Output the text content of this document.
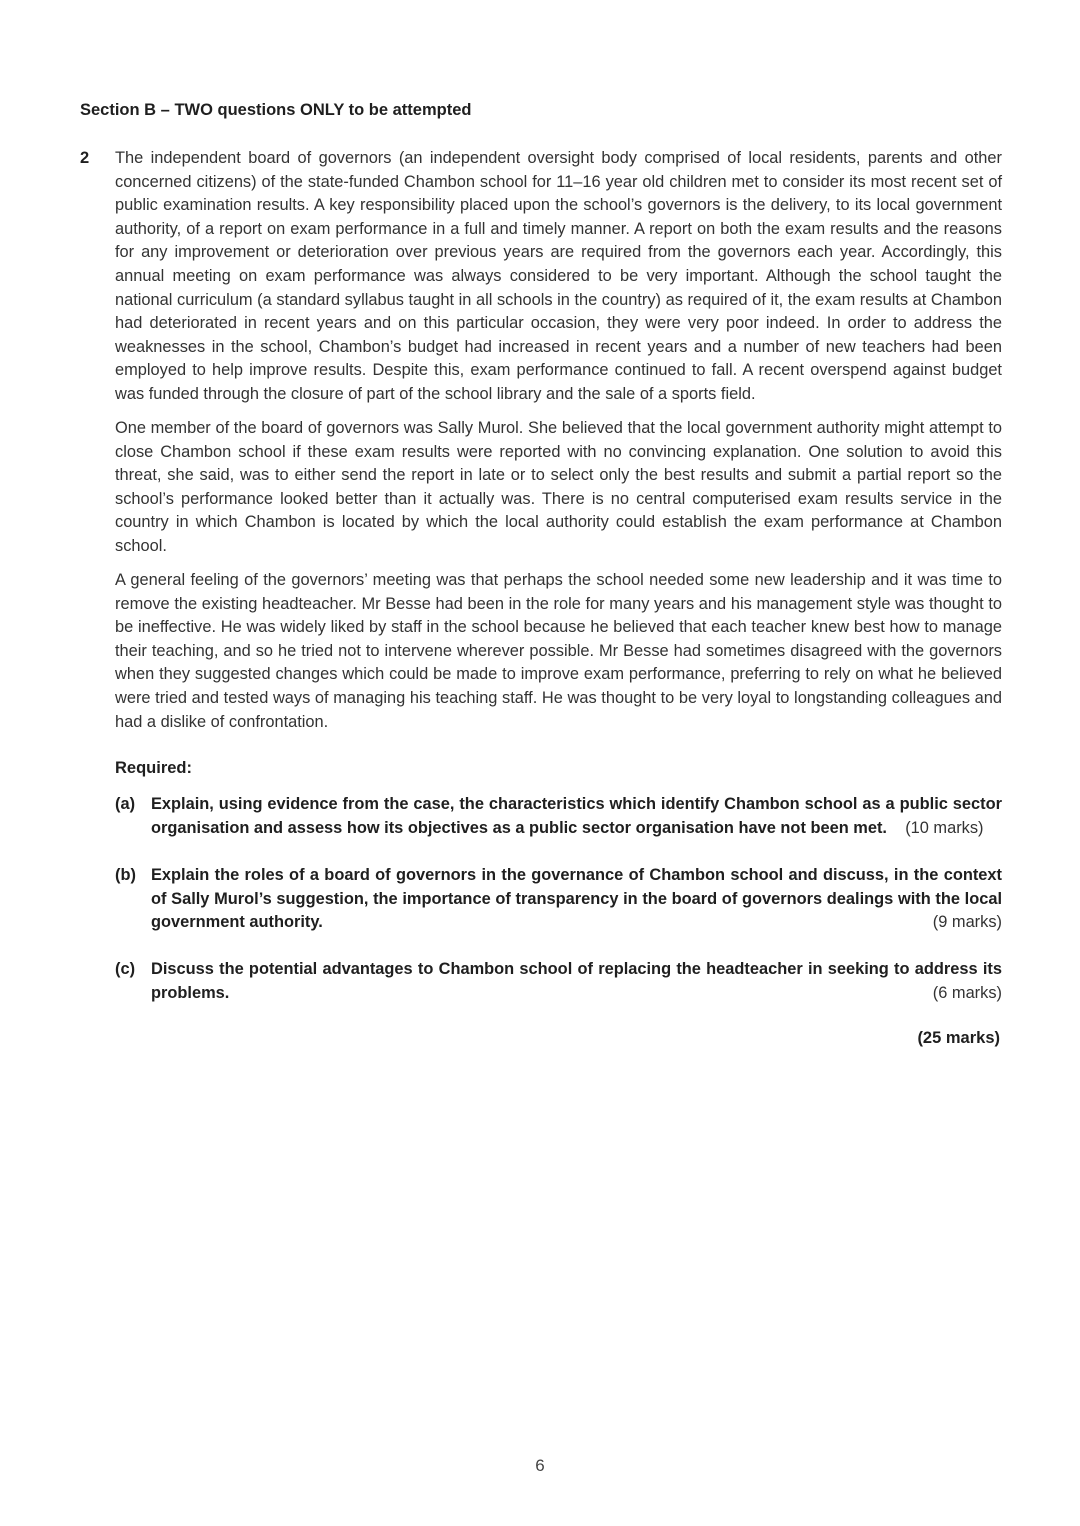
Section B – TWO questions ONLY to be attempted
2 The independent board of governors (an independent oversight body comprised of local residents, parents and other concerned citizens) of the state-funded Chambon school for 11–16 year old children met to consider its most recent set of public examination results. A key responsibility placed upon the school’s governors is the delivery, to its local government authority, of a report on exam performance in a full and timely manner. A report on both the exam results and the reasons for any improvement or deterioration over previous years are required from the governors each year. Accordingly, this annual meeting on exam performance was always considered to be very important. Although the school taught the national curriculum (a standard syllabus taught in all schools in the country) as required of it, the exam results at Chambon had deteriorated in recent years and on this particular occasion, they were very poor indeed. In order to address the weaknesses in the school, Chambon’s budget had increased in recent years and a number of new teachers had been employed to help improve results. Despite this, exam performance continued to fall. A recent overspend against budget was funded through the closure of part of the school library and the sale of a sports field.

One member of the board of governors was Sally Murol. She believed that the local government authority might attempt to close Chambon school if these exam results were reported with no convincing explanation. One solution to avoid this threat, she said, was to either send the report in late or to select only the best results and submit a partial report so the school’s performance looked better than it actually was. There is no central computerised exam results service in the country in which Chambon is located by which the local authority could establish the exam performance at Chambon school.

A general feeling of the governors’ meeting was that perhaps the school needed some new leadership and it was time to remove the existing headteacher. Mr Besse had been in the role for many years and his management style was thought to be ineffective. He was widely liked by staff in the school because he believed that each teacher knew best how to manage their teaching, and so he tried not to intervene wherever possible. Mr Besse had sometimes disagreed with the governors when they suggested changes which could be made to improve exam performance, preferring to rely on what he believed were tried and tested ways of managing his teaching staff. He was thought to be very loyal to longstanding colleagues and had a dislike of confrontation.

Required:
(a) Explain, using evidence from the case, the characteristics which identify Chambon school as a public sector organisation and assess how its objectives as a public sector organisation have not been met. (10 marks)
(b) Explain the roles of a board of governors in the governance of Chambon school and discuss, in the context of Sally Murol’s suggestion, the importance of transparency in the board of governors dealings with the local government authority.	(9 marks)
(c) Discuss the potential advantages to Chambon school of replacing the headteacher in seeking to address its problems.	(6 marks)
(25 marks)
6
